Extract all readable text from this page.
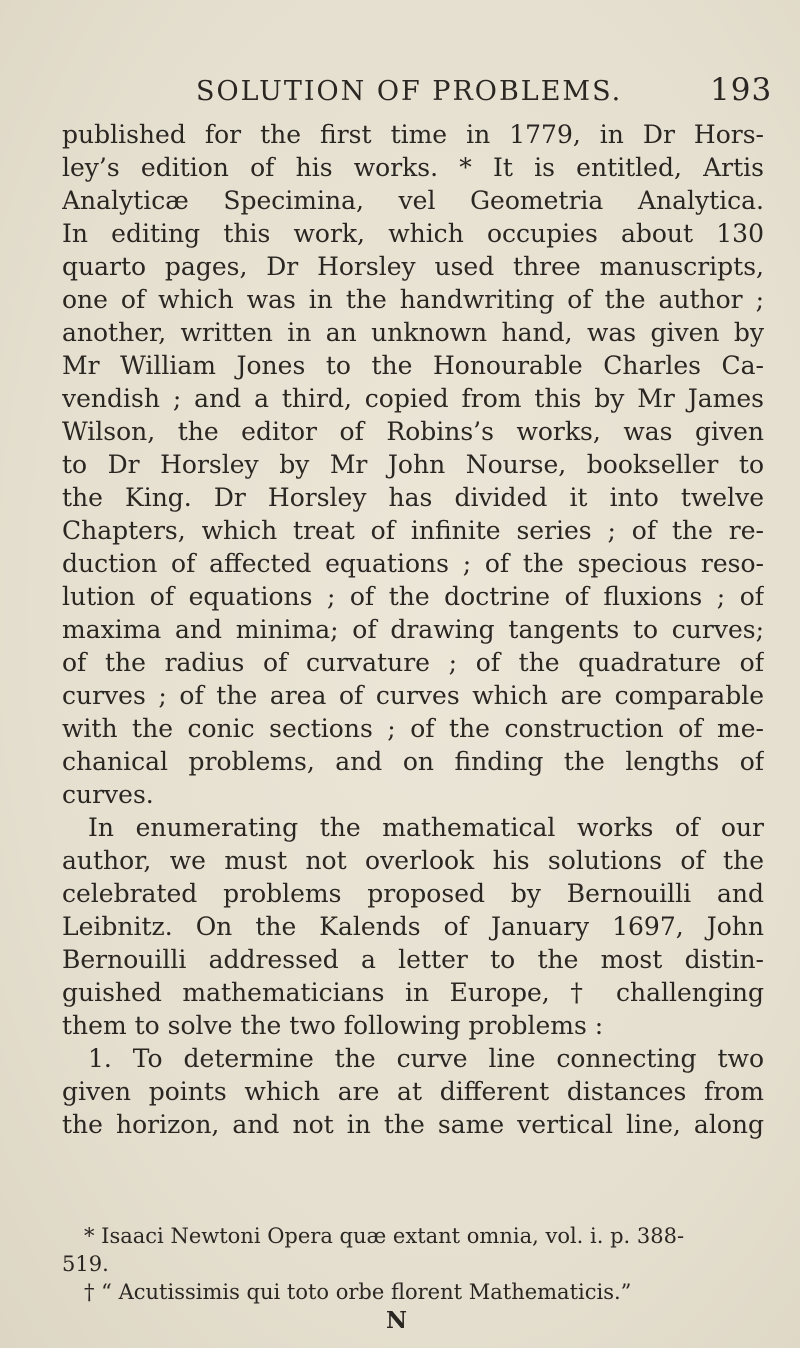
SOLUTION OF PROBLEMS.	193
published for the first time in 1779, in Dr Hors-
ley’s edition of his works. * It is entitled, Artis
Analyticæ Specimina, vel Geometria Analytica.
In editing this work, which occupies about 130
quarto pages, Dr Horsley used three manuscripts,
one of which was in the handwriting of the author ;
another, written in an unknown hand, was given by
Mr William Jones to the Honourable Charles Ca-
vendish ; and a third, copied from this by Mr James
Wilson, the editor of Robins’s works, was given
to Dr Horsley by Mr John Nourse, bookseller to
the King. Dr Horsley has divided it into twelve
Chapters, which treat of infinite series ; of the re-
duction of affected equations ; of the specious reso-
lution of equations ; of the doctrine of fluxions ; of
maxima and minima; of drawing tangents to curves;
of the radius of curvature ; of the quadrature of
curves ; of the area of curves which are comparable
with the conic sections ; of the construction of me-
chanical problems, and on finding the lengths of
curves.
In enumerating the mathematical works of our
author, we must not overlook his solutions of the
celebrated problems proposed by Bernouilli and
Leibnitz. On the Kalends of January 1697, John
Bernouilli addressed a letter to the most distin-
guished mathematicians in Europe, † challenging
them to solve the two following problems :
1. To determine the curve line connecting two
given points which are at different distances from
the horizon, and not in the same vertical line, along
* Isaaci Newtoni Opera quæ extant omnia, vol. i. p. 388-
519.
† “ Acutissimis qui toto orbe florent Mathematicis.”
N
